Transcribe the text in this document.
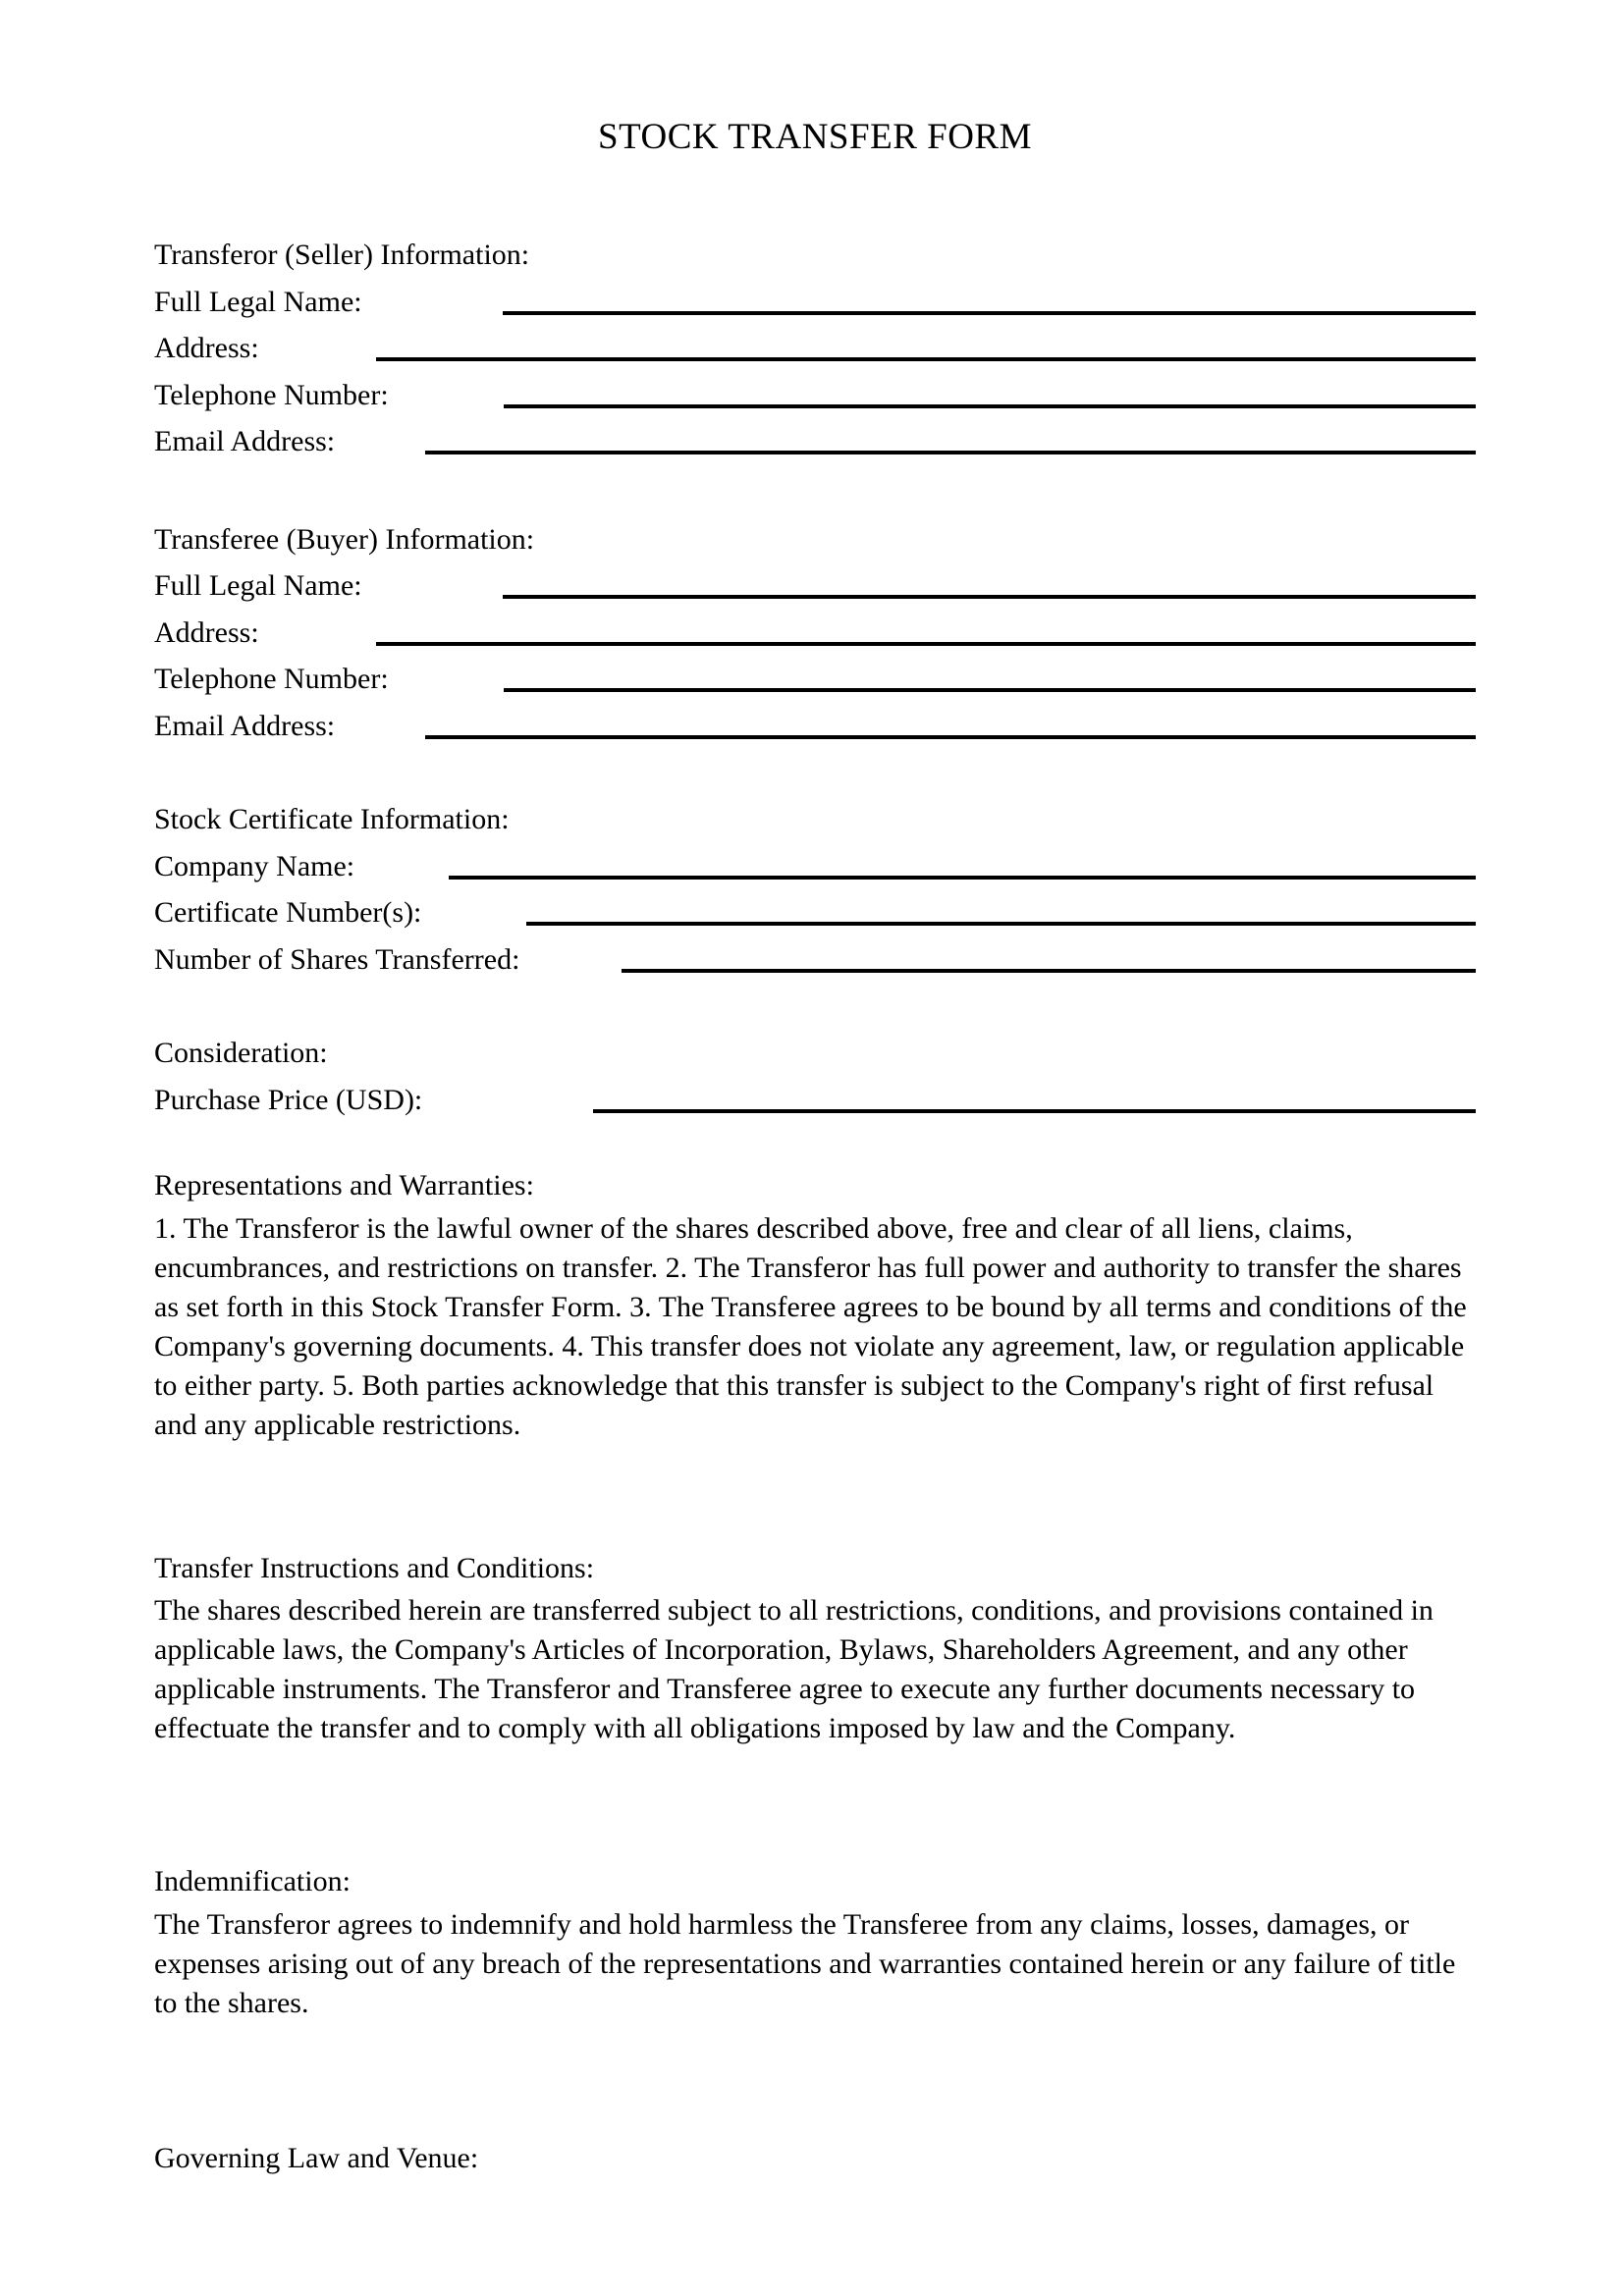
STOCK TRANSFER FORM
Transferor (Seller) Information:
Full Legal Name:
Address:
Telephone Number:
Email Address:
Transferee (Buyer) Information:
Full Legal Name:
Address:
Telephone Number:
Email Address:
Stock Certificate Information:
Company Name:
Certificate Number(s):
Number of Shares Transferred:
Consideration:
Purchase Price (USD):
Representations and Warranties:

1. The Transferor is the lawful owner of the shares described above, free and clear of all liens, claims, encumbrances, and restrictions on transfer. 2. The Transferor has full power and authority to transfer the shares as set forth in this Stock Transfer Form. 3. The Transferee agrees to be bound by all terms and conditions of the Company's governing documents. 4. This transfer does not violate any agreement, law, or regulation applicable to either party. 5. Both parties acknowledge that this transfer is subject to the Company's right of first refusal and any applicable restrictions.

Transfer Instructions and Conditions:

The shares described herein are transferred subject to all restrictions, conditions, and provisions contained in applicable laws, the Company's Articles of Incorporation, Bylaws, Shareholders Agreement, and any other applicable instruments. The Transferor and Transferee agree to execute any further documents necessary to effectuate the transfer and to comply with all obligations imposed by law and the Company.

Indemnification:

The Transferor agrees to indemnify and hold harmless the Transferee from any claims, losses, damages, or expenses arising out of any breach of the representations and warranties contained herein or any failure of title to the shares.

Governing Law and Venue:
